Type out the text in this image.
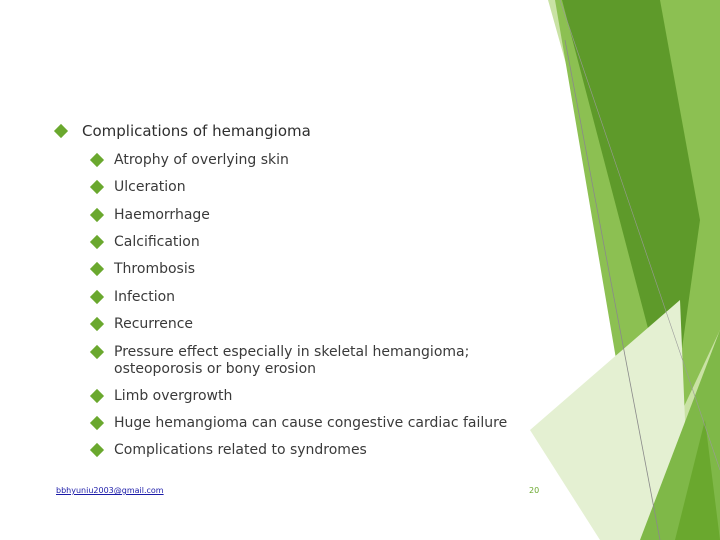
Complications of hemangioma
Atrophy of overlying skin
Ulceration
Haemorrhage
Calcification
Thrombosis
Infection
Recurrence
Pressure effect especially in skeletal hemangioma;
osteoporosis or bony erosion
Limb overgrowth
Huge hemangioma can cause congestive cardiac failure
Complications related to syndromes
bbhyuniu2003@gmail.com	20
